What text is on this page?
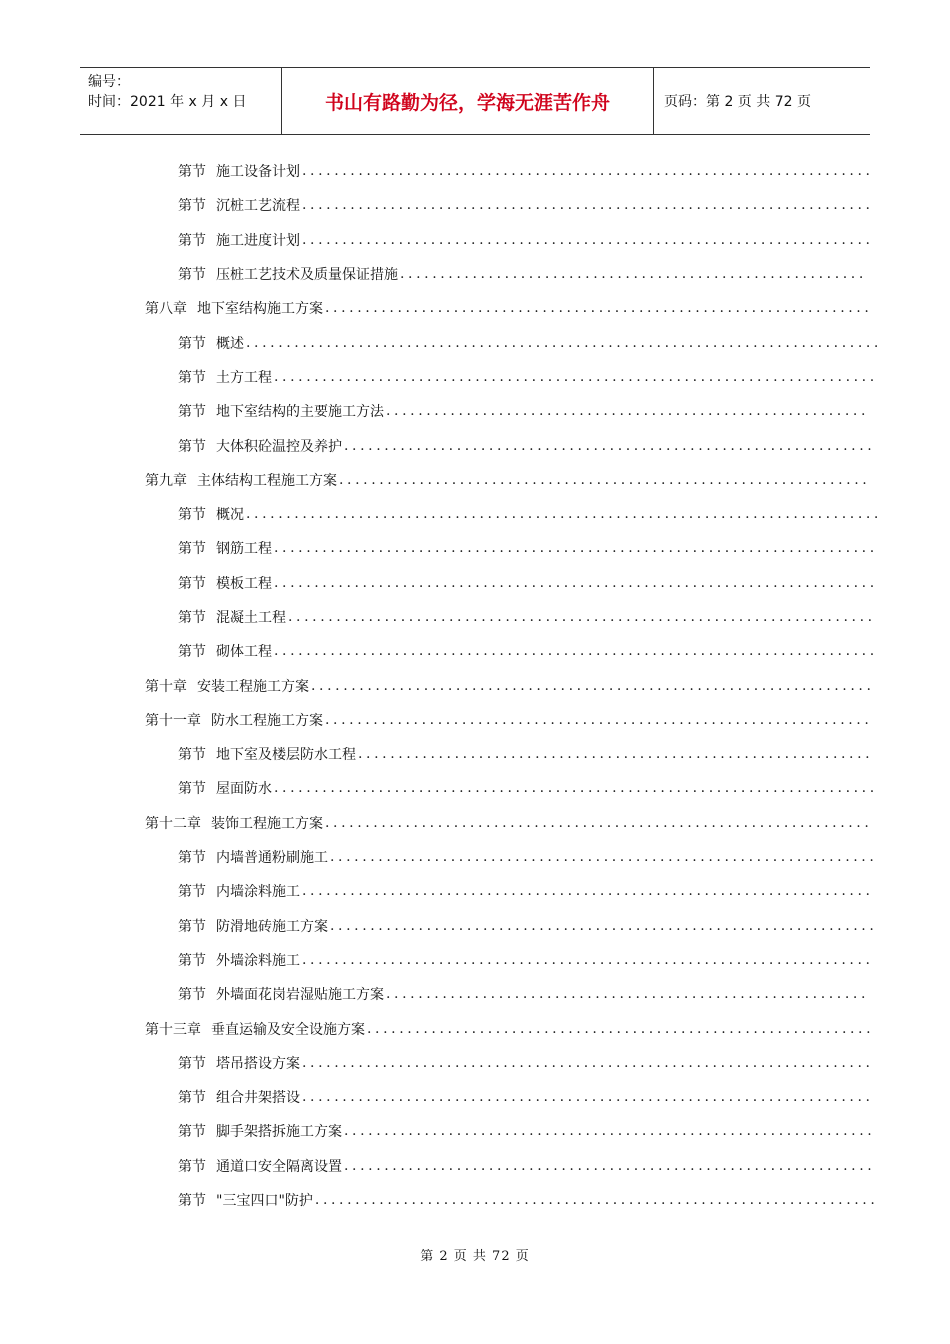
编号：
时间：2021 年 x 月 x 日	书山有路勤为径，学海无涯苦作舟	页码：第 2 页 共 72 页
第节 施工设备计划 .......................................................................
第节 沉桩工艺流程 .......................................................................
第节 施工进度计划 .......................................................................
第节 压桩工艺技术及质量保证措施 ..........................................................
第八章 地下室结构施工方案 ....................................................................
第节 概述 ...............................................................................
第节 土方工程 ...........................................................................
第节 地下室结构的主要施工方法 ............................................................
第节 大体积砼温控及养护 ..................................................................
第九章 主体结构工程施工方案 ..................................................................
第节 概况 ...............................................................................
第节 钢筋工程 ...........................................................................
第节 模板工程 ...........................................................................
第节 混凝土工程 .........................................................................
第节 砌体工程 ...........................................................................
第十章 安装工程施工方案 ......................................................................
第十一章 防水工程施工方案 ....................................................................
第节 地下室及楼层防水工程 ................................................................
第节 屋面防水 ...........................................................................
第十二章 装饰工程施工方案 ....................................................................
第节 内墙普通粉刷施工 ....................................................................
第节 内墙涂料施工 .......................................................................
第节 防滑地砖施工方案 ....................................................................
第节 外墙涂料施工 .......................................................................
第节 外墙面花岗岩湿贴施工方案 ............................................................
第十三章 垂直运输及安全设施方案 ...............................................................
第节 塔吊搭设方案 .......................................................................
第节 组合井架搭设 .......................................................................
第节 脚手架搭拆施工方案 ..................................................................
第节 通道口安全隔离设置 ..................................................................
第节 "三宝四口"防护 ......................................................................
第 2 页 共 72 页
